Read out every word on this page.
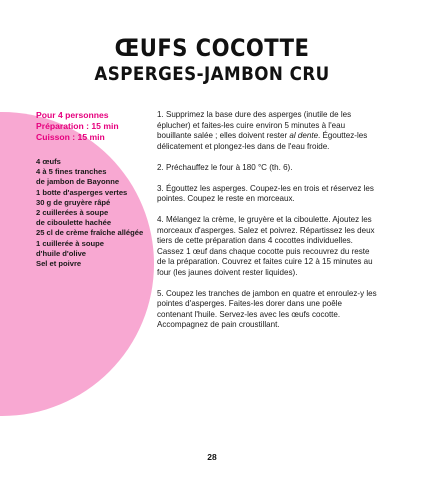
ŒUFS COCOTTE
ASPERGES-JAMBON CRU
Pour 4 personnes
Préparation : 15 min
Cuisson : 15 min
4 œufs
4 à 5 fines tranches
de jambon de Bayonne
1 botte d'asperges vertes
30 g de gruyère râpé
2 cuillerées à soupe
de ciboulette hachée
25 cl de crème fraîche allégée
1 cuillerée à soupe
d'huile d'olive
Sel et poivre

1. Supprimez la base dure des asperges (inutile de les éplucher) et faites-les cuire environ 5 minutes à l'eau bouillante salée ; elles doivent rester al dente. Égouttez-les délicatement et plongez-les dans de l'eau froide.

2. Préchauffez le four à 180 °C (th. 6).

3. Égouttez les asperges. Coupez-les en trois et réservez les pointes. Coupez le reste en morceaux.

4. Mélangez la crème, le gruyère et la ciboulette. Ajoutez les morceaux d'asperges. Salez et poivrez. Répartissez les deux tiers de cette préparation dans 4 cocottes individuelles. Cassez 1 œuf dans chaque cocotte puis recouvrez du reste de la préparation. Couvrez et faites cuire 12 à 15 minutes au four (les jaunes doivent rester liquides).

5. Coupez les tranches de jambon en quatre et enroulez-y les pointes d'asperges. Faites-les dorer dans une poêle contenant l'huile. Servez-les avec les œufs cocotte. Accompagnez de pain croustillant.

28
